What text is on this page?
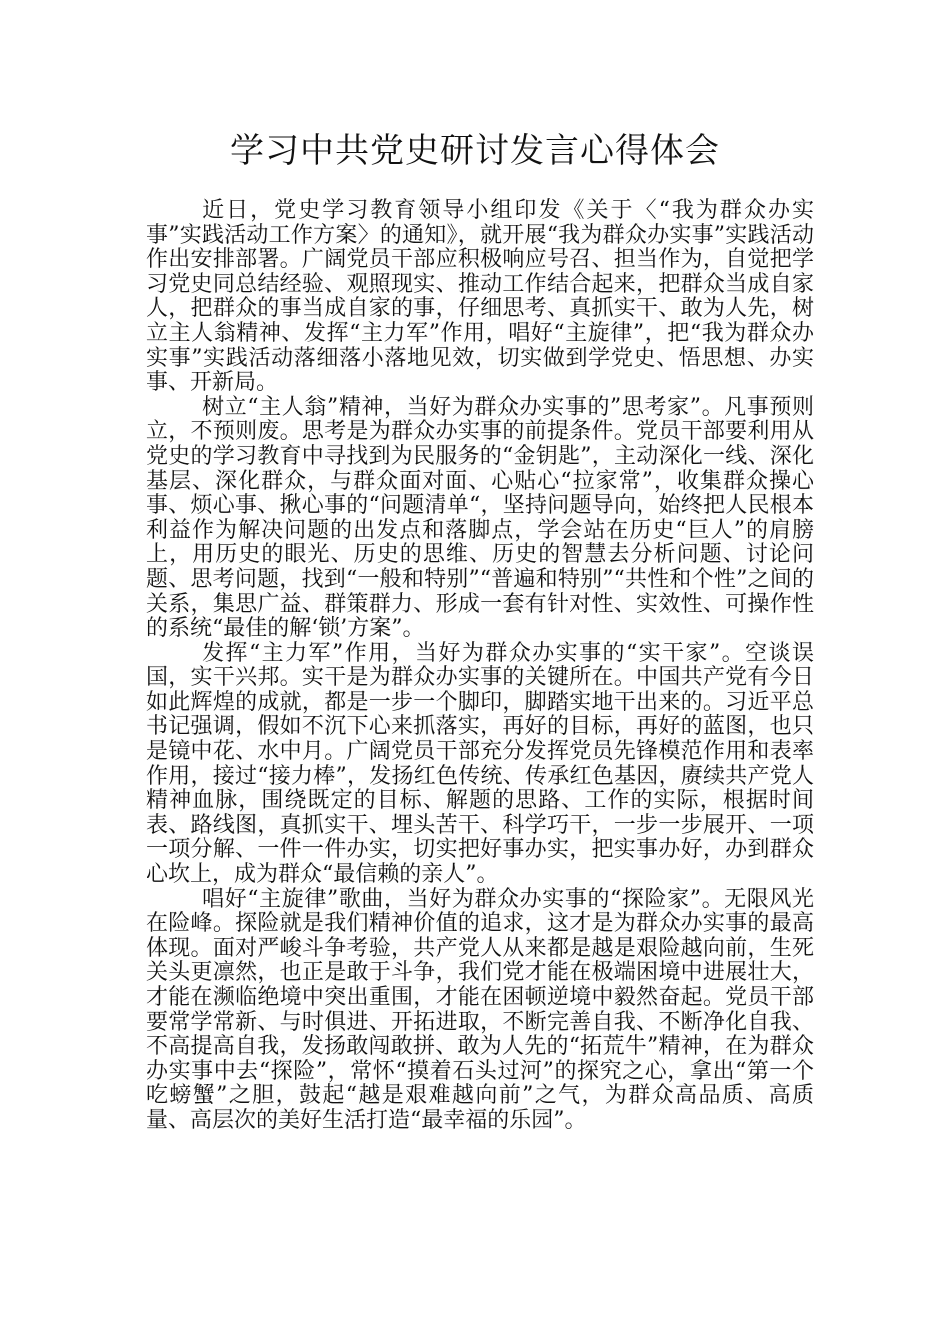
学习中共党史研讨发言心得体会

近日，党史学习教育领导小组印发《关于〈“我为群众办实事”实践活动工作方案〉的通知》，就开展“我为群众办实事”实践活动作出安排部署。广阔党员干部应积极响应号召、担当作为，自觉把学习党史同总结经验、观照现实、推动工作结合起来，把群众当成自家人，把群众的事当成自家的事，仔细思考、真抓实干、敢为人先，树立主人翁精神、发挥“主力军”作用，唱好“主旋律”，把“我为群众办实事”实践活动落细落小落地见效，切实做到学党史、悟思想、办实事、开新局。

树立“主人翁”精神，当好为群众办实事的”思考家”。凡事预则立，不预则废。思考是为群众办实事的前提条件。党员干部要利用从党史的学习教育中寻找到为民服务的“金钥匙”，主动深化一线、深化基层、深化群众，与群众面对面、心贴心“拉家常”，收集群众操心事、烦心事、揪心事的“问题清单“，坚持问题导向，始终把人民根本利益作为解决问题的出发点和落脚点，学会站在历史“巨人”的肩膀上，用历史的眼光、历史的思维、历史的智慧去分析问题、讨论问题、思考问题，找到“一般和特别”“普遍和特别”“共性和个性”之间的关系，集思广益、群策群力、形成一套有针对性、实效性、可操作性的系统“最佳的解‘锁’方案”。

发挥“主力军”作用，当好为群众办实事的“实干家”。空谈误国，实干兴邦。实干是为群众办实事的关键所在。中国共产党有今日如此辉煌的成就，都是一步一个脚印，脚踏实地干出来的。习近平总书记强调，假如不沉下心来抓落实，再好的目标，再好的蓝图，也只是镜中花、水中月。广阔党员干部充分发挥党员先锋模范作用和表率作用，接过“接力棒”，发扬红色传统、传承红色基因，赓续共产党人精神血脉，围绕既定的目标、解题的思路、工作的实际，根据时间表、路线图，真抓实干、埋头苦干、科学巧干，一步一步展开、一项一项分解、一件一件办实，切实把好事办实，把实事办好，办到群众心坎上，成为群众“最信赖的亲人”。

唱好“主旋律”歌曲，当好为群众办实事的“探险家”。无限风光在险峰。探险就是我们精神价值的追求，这才是为群众办实事的最高体现。面对严峻斗争考验，共产党人从来都是越是艰险越向前，生死关头更凛然，也正是敢于斗争，我们党才能在极端困境中进展壮大，才能在濒临绝境中突出重围，才能在困顿逆境中毅然奋起。党员干部要常学常新、与时俱进、开拓进取，不断完善自我、不断净化自我、不高提高自我，发扬敢闯敢拼、敢为人先的“拓荒牛”精神，在为群众办实事中去“探险”，常怀“摸着石头过河”的探究之心，拿出“第一个吃螃蟹”之胆，鼓起“越是艰难越向前”之气，为群众高品质、高质量、高层次的美好生活打造“最幸福的乐园”。
